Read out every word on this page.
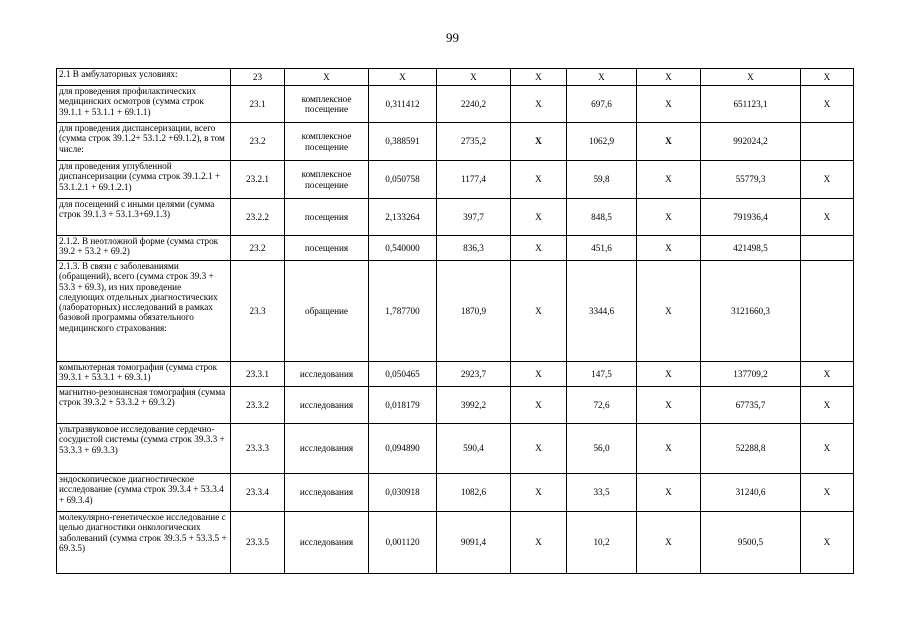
99
2.1 В амбулаторных условиях:	23	Х	Х	Х	Х	Х	Х	Х	Х
для проведения профилактических медицинских осмотров (сумма строк 39.1.1 + 53.1.1 + 69.1.1)	23.1	комплексное посещение	0,311412	2240,2	Х	697,6	Х	651123,1	Х
для проведения диспансеризации, всего (сумма строк 39.1.2+ 53.1.2 +69.1.2), в том числе:	23.2	комплексное посещение	0,388591	2735,2	Х	1062,9	Х	992024,2	
для проведения углубленной диспансеризации (сумма строк 39.1.2.1 + 53.1.2.1 + 69.1.2.1)	23.2.1	комплексное посещение	0,050758	1177,4	Х	59,8	Х	55779,3	Х
для посещений с иными целями (сумма строк 39.1.3 + 53.1.3+69.1.3)	23.2.2	посещения	2,133264	397,7	Х	848,5	Х	791936,4	Х
2.1.2. В неотложной форме (сумма строк 39.2 + 53.2 + 69.2)	23.2	посещения	0,540000	836,3	Х	451,6	Х	421498,5	
2.1.3. В связи с заболеваниями (обращений), всего (сумма строк 39.3 + 53.3 + 69.3), из них проведение следующих отдельных диагностических (лабораторных) исследований в рамках базовой программы обязательного медицинского страхования:	23.3	обращение	1,787700	1870,9	Х	3344,6	Х	3121660,3	
компьютерная томография (сумма строк 39.3.1 + 53.3.1 + 69.3.1)	23.3.1	исследования	0,050465	2923,7	Х	147,5	Х	137709,2	Х
магнитно-резонансная томография (сумма строк 39.3.2 + 53.3.2 + 69.3.2)	23.3.2	исследования	0,018179	3992,2	Х	72,6	Х	67735,7	Х
ультразвуковое исследование сердечно-сосудистой системы (сумма строк 39.3.3 + 53.3.3 + 69.3.3)	23.3.3	исследования	0,094890	590,4	Х	56,0	Х	52288,8	Х
эндоскопическое диагностическое исследование (сумма строк 39.3.4 + 53.3.4 + 69.3.4)	23.3.4	исследования	0,030918	1082,6	Х	33,5	Х	31240,6	Х
молекулярно-генетическое исследование с целью диагностики онкологических заболеваний (сумма строк 39.3.5 + 53.3.5 + 69.3.5)	23.3.5	исследования	0,001120	9091,4	Х	10,2	Х	9500,5	Х
